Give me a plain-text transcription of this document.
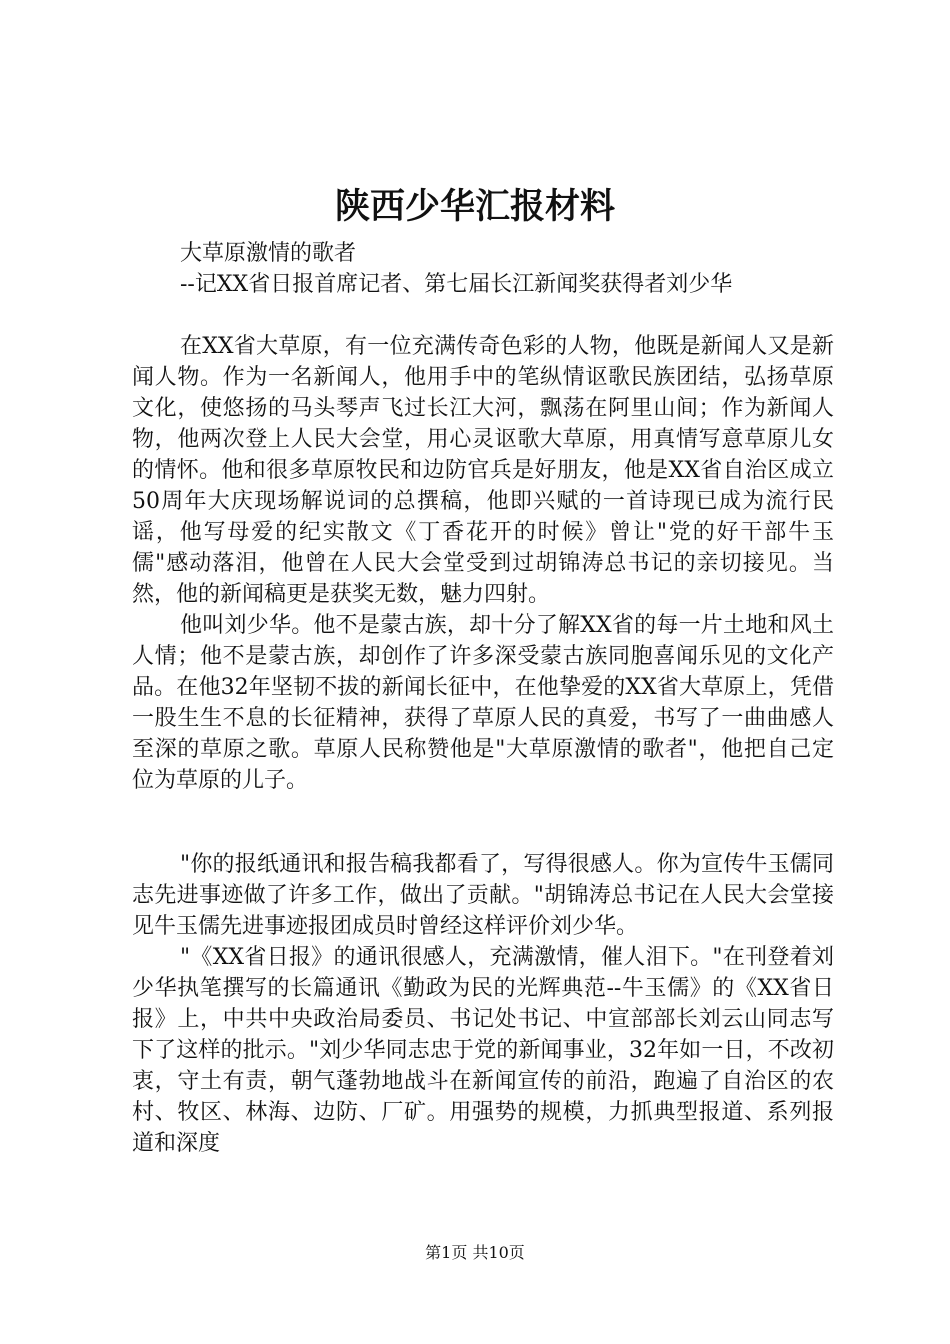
陕西少华汇报材料
大草原激情的歌者
--记XX省日报首席记者、第七届长江新闻奖获得者刘少华

在XX省大草原，有一位充满传奇色彩的人物，他既是新闻人又是新闻人物。作为一名新闻人，他用手中的笔纵情讴歌民族团结，弘扬草原文化，使悠扬的马头琴声飞过长江大河，飘荡在阿里山间；作为新闻人物，他两次登上人民大会堂，用心灵讴歌大草原，用真情写意草原儿女的情怀。他和很多草原牧民和边防官兵是好朋友，他是XX省自治区成立50周年大庆现场解说词的总撰稿，他即兴赋的一首诗现已成为流行民谣，他写母爱的纪实散文《丁香花开的时候》曾让"党的好干部牛玉儒"感动落泪，他曾在人民大会堂受到过胡锦涛总书记的亲切接见。当然，他的新闻稿更是获奖无数，魅力四射。

他叫刘少华。他不是蒙古族，却十分了解XX省的每一片土地和风土人情；他不是蒙古族，却创作了许多深受蒙古族同胞喜闻乐见的文化产品。在他32年坚韧不拔的新闻长征中，在他挚爱的XX省大草原上，凭借一股生生不息的长征精神，获得了草原人民的真爱，书写了一曲曲感人至深的草原之歌。草原人民称赞他是"大草原激情的歌者"，他把自己定位为草原的儿子。

"你的报纸通讯和报告稿我都看了，写得很感人。你为宣传牛玉儒同志先进事迹做了许多工作，做出了贡献。"胡锦涛总书记在人民大会堂接见牛玉儒先进事迹报团成员时曾经这样评价刘少华。

"《XX省日报》的通讯很感人，充满激情，催人泪下。"在刊登着刘少华执笔撰写的长篇通讯《勤政为民的光辉典范--牛玉儒》的《XX省日报》上，中共中央政治局委员、书记处书记、中宣部部长刘云山同志写下了这样的批示。"刘少华同志忠于党的新闻事业，32年如一日，不改初衷，守土有责，朝气蓬勃地战斗在新闻宣传的前沿，跑遍了自治区的农村、牧区、林海、边防、厂矿。用强势的规模，力抓典型报道、系列报道和深度

第1页 共10页
